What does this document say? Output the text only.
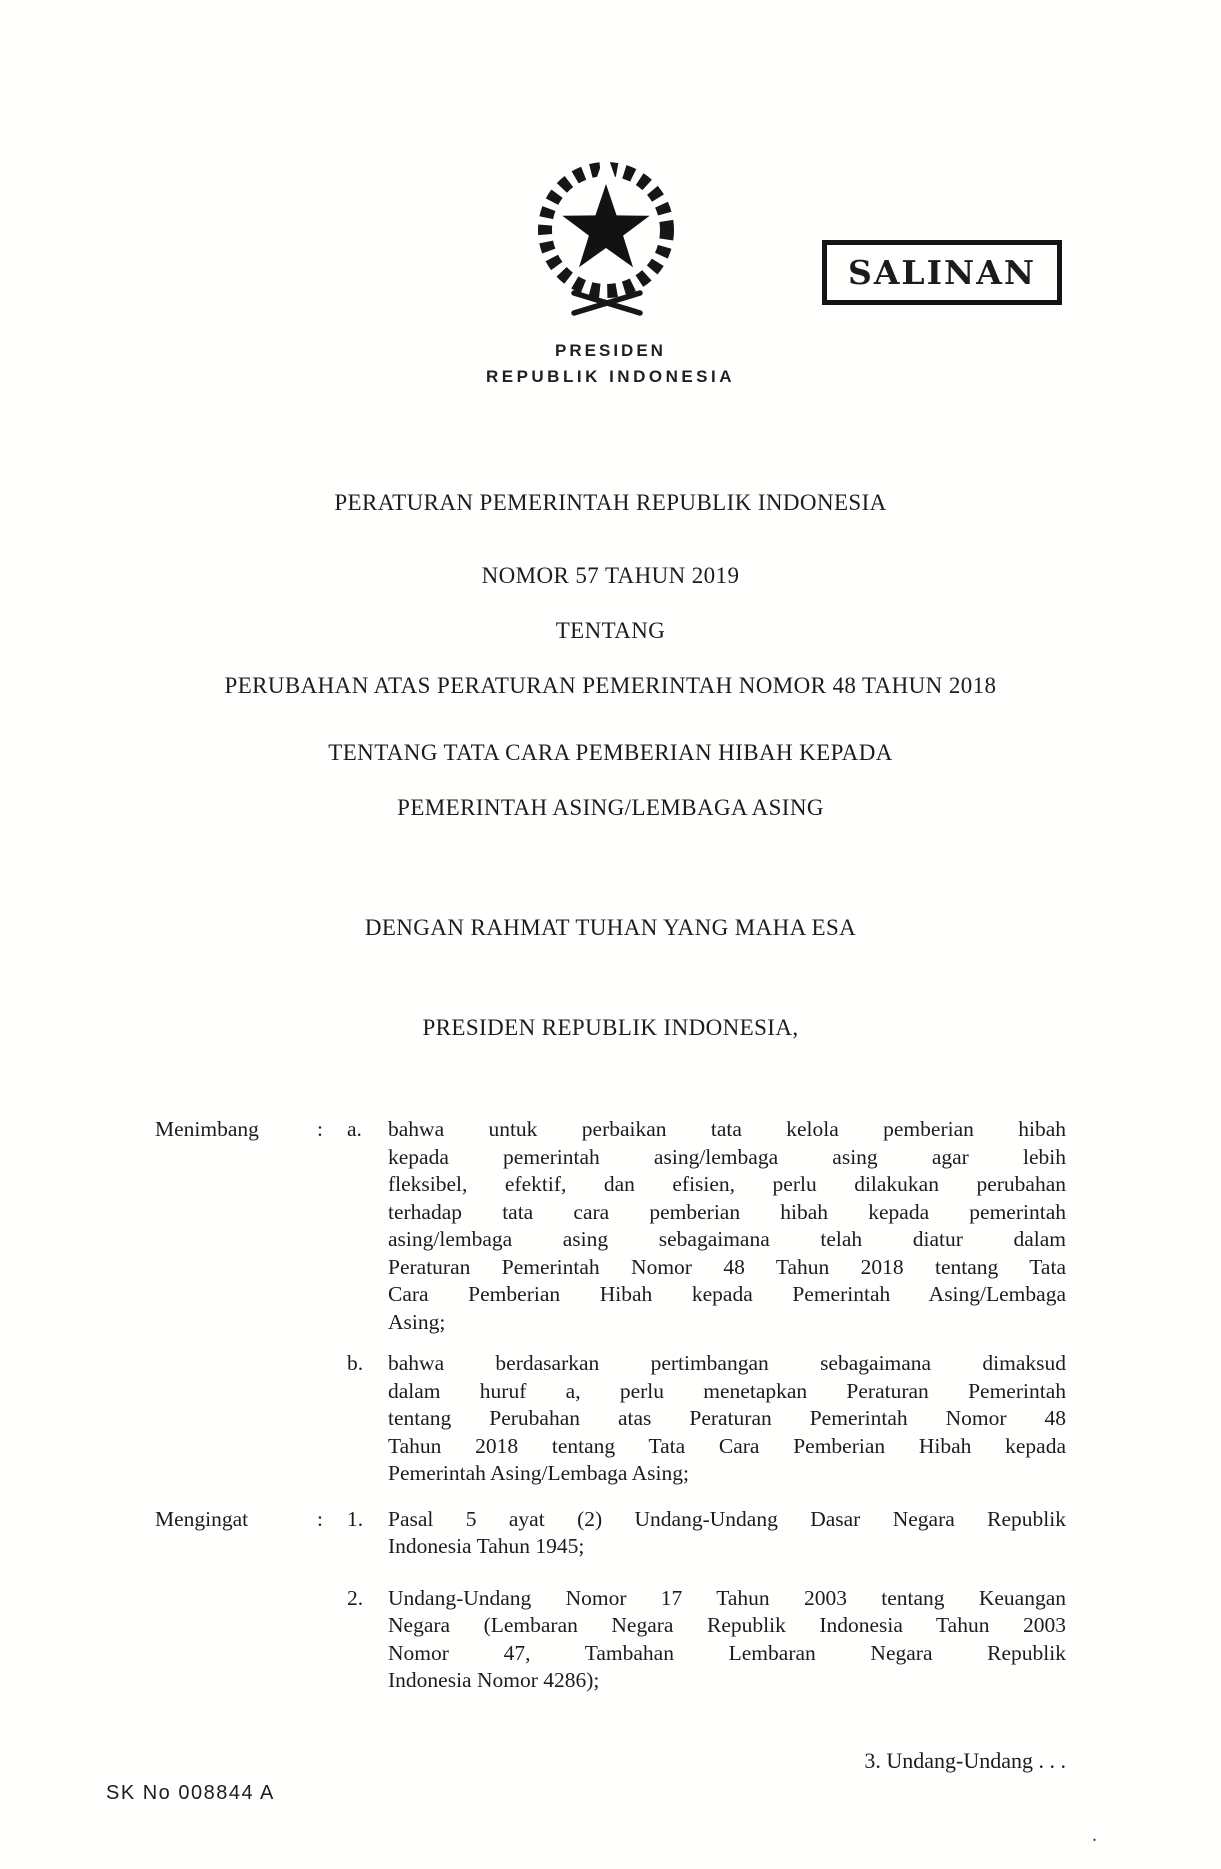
SALINAN
PRESIDEN
REPUBLIK INDONESIA
PERATURAN PEMERINTAH REPUBLIK INDONESIA
NOMOR 57 TAHUN 2019
TENTANG
PERUBAHAN ATAS PERATURAN PEMERINTAH NOMOR 48 TAHUN 2018
TENTANG TATA CARA PEMBERIAN HIBAH KEPADA
PEMERINTAH ASING/LEMBAGA ASING
DENGAN RAHMAT TUHAN YANG MAHA ESA
PRESIDEN REPUBLIK INDONESIA,
Menimbang	:	a.	bahwa untuk perbaikan tata kelola pemberian hibah
kepada pemerintah asing/lembaga asing agar lebih
fleksibel, efektif, dan efisien, perlu dilakukan perubahan
terhadap tata cara pemberian hibah kepada pemerintah
asing/lembaga asing sebagaimana telah diatur dalam
Peraturan Pemerintah Nomor 48 Tahun 2018 tentang Tata
Cara Pemberian Hibah kepada Pemerintah Asing/Lembaga
Asing;
b.	bahwa berdasarkan pertimbangan sebagaimana dimaksud
dalam huruf a, perlu menetapkan Peraturan Pemerintah
tentang Perubahan atas Peraturan Pemerintah Nomor 48
Tahun 2018 tentang Tata Cara Pemberian Hibah kepada
Pemerintah Asing/Lembaga Asing;
Mengingat	:	1.	Pasal 5 ayat (2) Undang-Undang Dasar Negara Republik
Indonesia Tahun 1945;
2.	Undang-Undang Nomor 17 Tahun 2003 tentang Keuangan
Negara (Lembaran Negara Republik Indonesia Tahun 2003
Nomor 47, Tambahan Lembaran Negara Republik
Indonesia Nomor 4286);
3. Undang-Undang . . .
SK No 008844 A
.
